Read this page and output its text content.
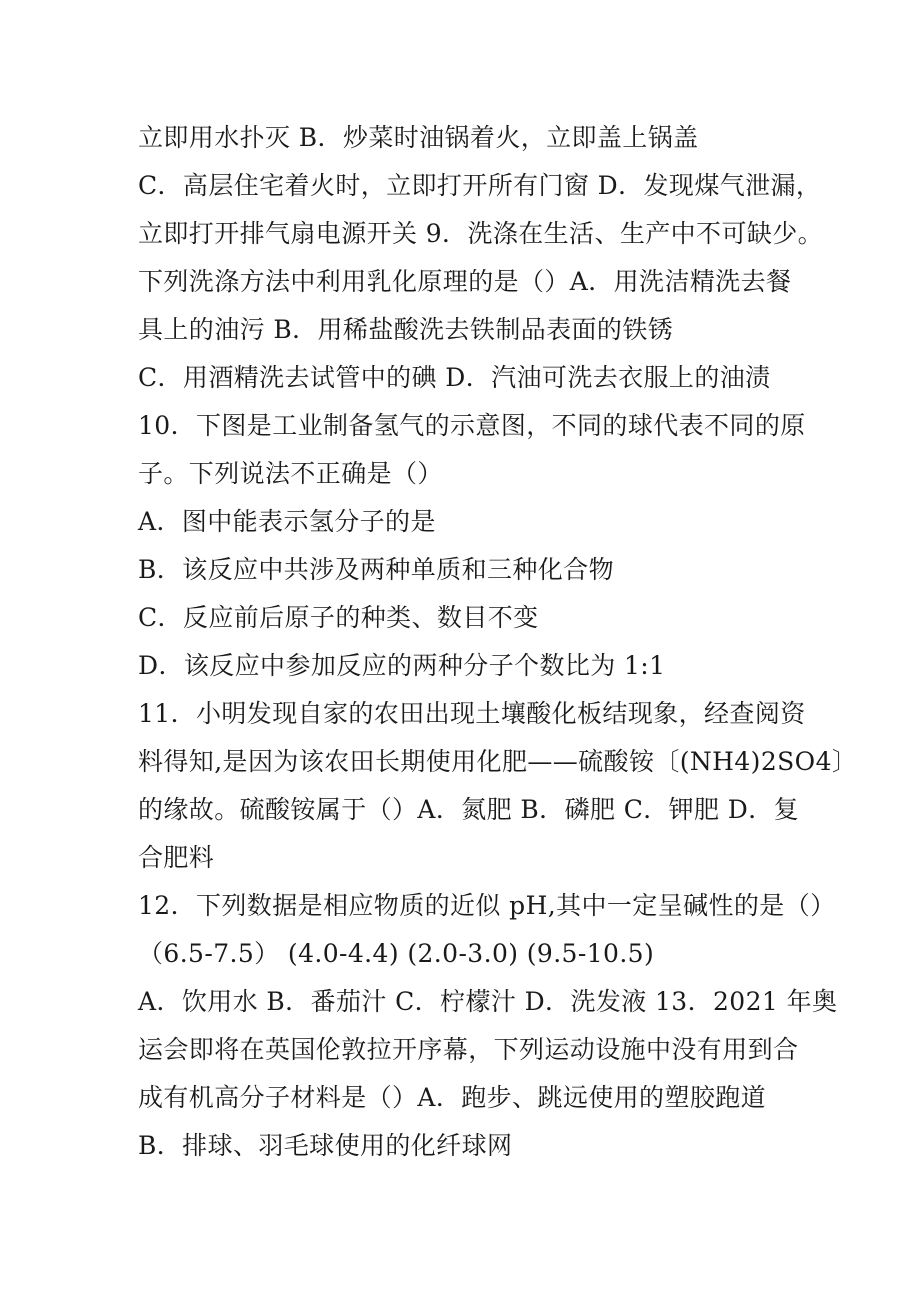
立即用水扑灭 B．炒菜时油锅着火，立即盖上锅盖
C．高层住宅着火时，立即打开所有门窗 D．发现煤气泄漏，
立即打开排气扇电源开关 9．洗涤在生活、生产中不可缺少。
下列洗涤方法中利用乳化原理的是（）A．用洗洁精洗去餐
具上的油污 B．用稀盐酸洗去铁制品表面的铁锈
C．用酒精洗去试管中的碘 D．汽油可洗去衣服上的油渍
10．下图是工业制备氢气的示意图，不同的球代表不同的原
子。下列说法不正确是（）
A．图中能表示氢分子的是
B．该反应中共涉及两种单质和三种化合物
C．反应前后原子的种类、数目不变
D．该反应中参加反应的两种分子个数比为 1:1
11．小明发现自家的农田出现土壤酸化板结现象，经查阅资
料得知,是因为该农田长期使用化肥——硫酸铵〔(NH4)2SO4〕
的缘故。硫酸铵属于（）A．氮肥 B．磷肥 C．钾肥 D．复
合肥料
12．下列数据是相应物质的近似 pH,其中一定呈碱性的是（）
（6.5-7.5） (4.0-4.4) (2.0-3.0) (9.5-10.5)
A．饮用水 B．番茄汁 C．柠檬汁 D．洗发液 13．2021 年奥
运会即将在英国伦敦拉开序幕，下列运动设施中没有用到合
成有机高分子材料是（）A．跑步、跳远使用的塑胶跑道
B．排球、羽毛球使用的化纤球网
